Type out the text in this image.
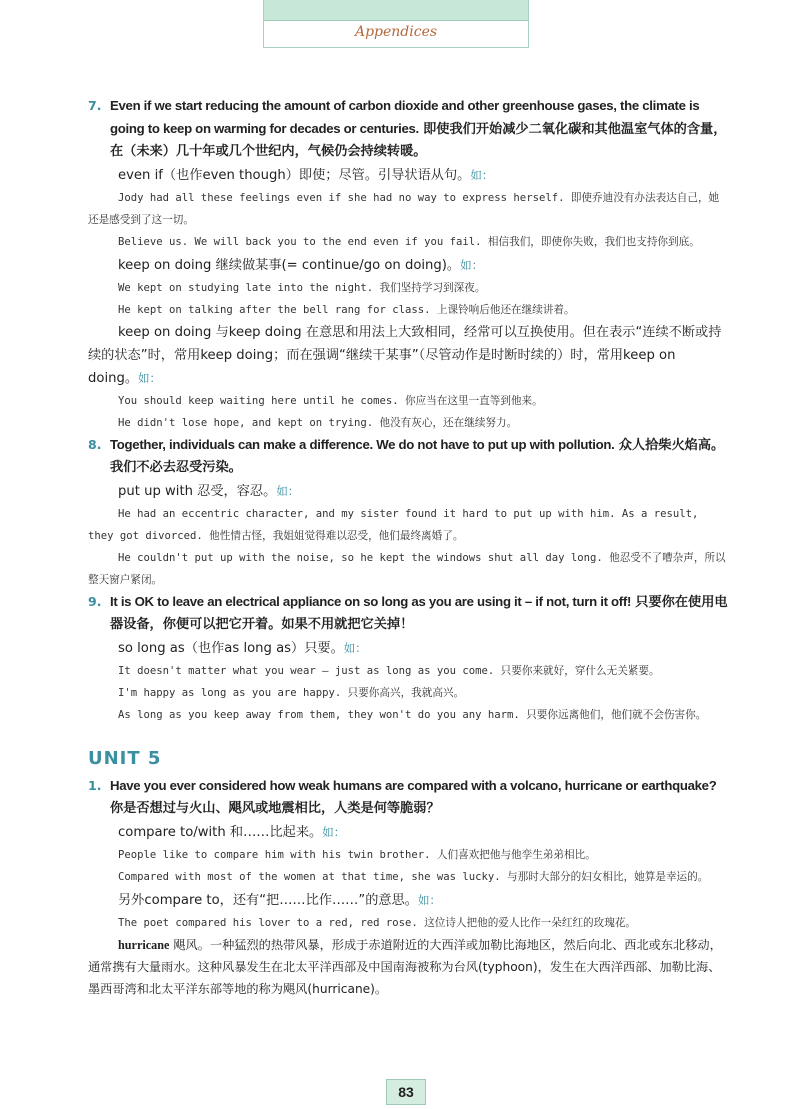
Appendices
7. Even if we start reducing the amount of carbon dioxide and other greenhouse gases, the climate is going to keep on warming for decades or centuries. 即使我们开始减少二氧化碳和其他温室气体的含量，在（未来）几十年或几个世纪内，气候仍会持续转暖。
even if（也作even though）即使；尽管。引导状语从句。如：
Jody had all these feelings even if she had no way to express herself. 即使乔迪没有办法表达自己，她还是感受到了这一切。
Believe us. We will back you to the end even if you fail. 相信我们，即使你失败，我们也支持你到底。
keep on doing 继续做某事(= continue/go on doing)。如：
We kept on studying late into the night. 我们坚持学习到深夜。
He kept on talking after the bell rang for class. 上课铃响后他还在继续讲着。
keep on doing 与keep doing 在意思和用法上大致相同，经常可以互换使用。但在表示“连续不断或持续的状态”时，常用keep doing；而在强调“继续干某事”（尽管动作是时断时续的）时，常用keep on doing。如：
You should keep waiting here until he comes. 你应当在这里一直等到他来。
He didn't lose hope, and kept on trying. 他没有灰心，还在继续努力。
8. Together, individuals can make a difference. We do not have to put up with pollution. 众人拾柴火焰高。我们不必去忍受污染。
put up with 忍受，容忍。如：
He had an eccentric character, and my sister found it hard to put up with him. As a result, they got divorced. 他性情古怪，我姐姐觉得难以忍受，他们最终离婚了。
He couldn't put up with the noise, so he kept the windows shut all day long. 他忍受不了嘈杂声，所以整天窗户紧闭。
9. It is OK to leave an electrical appliance on so long as you are using it – if not, turn it off! 只要你在使用电器设备，你便可以把它开着。如果不用就把它关掉！
so long as（也作as long as）只要。如：
It doesn't matter what you wear – just as long as you come. 只要你来就好，穿什么无关紧要。
I'm happy as long as you are happy. 只要你高兴，我就高兴。
As long as you keep away from them, they won't do you any harm. 只要你远离他们，他们就不会伤害你。
UNIT 5
1. Have you ever considered how weak humans are compared with a volcano, hurricane or earthquake? 你是否想过与火山、飓风或地震相比，人类是何等脆弱？
compare to/with 和……比起来。如：
People like to compare him with his twin brother. 人们喜欢把他与他孪生弟弟相比。
Compared with most of the women at that time, she was lucky. 与那时大部分的妇女相比，她算是幸运的。
另外compare to，还有“把……比作……”的意思。如：
The poet compared his lover to a red, red rose. 这位诗人把他的爱人比作一朵红红的玫瑰花。
hurricane 飓风。一种猛烈的热带风暴，形成于赤道附近的大西洋或加勒比海地区，然后向北、西北或东北移动，通常携有大量雨水。这种风暴发生在北太平洋西部及中国南海被称为台风(typhoon)，发生在大西洋西部、加勒比海、墨西哥湾和北太平洋东部等地的称为飓风(hurricane)。
83
